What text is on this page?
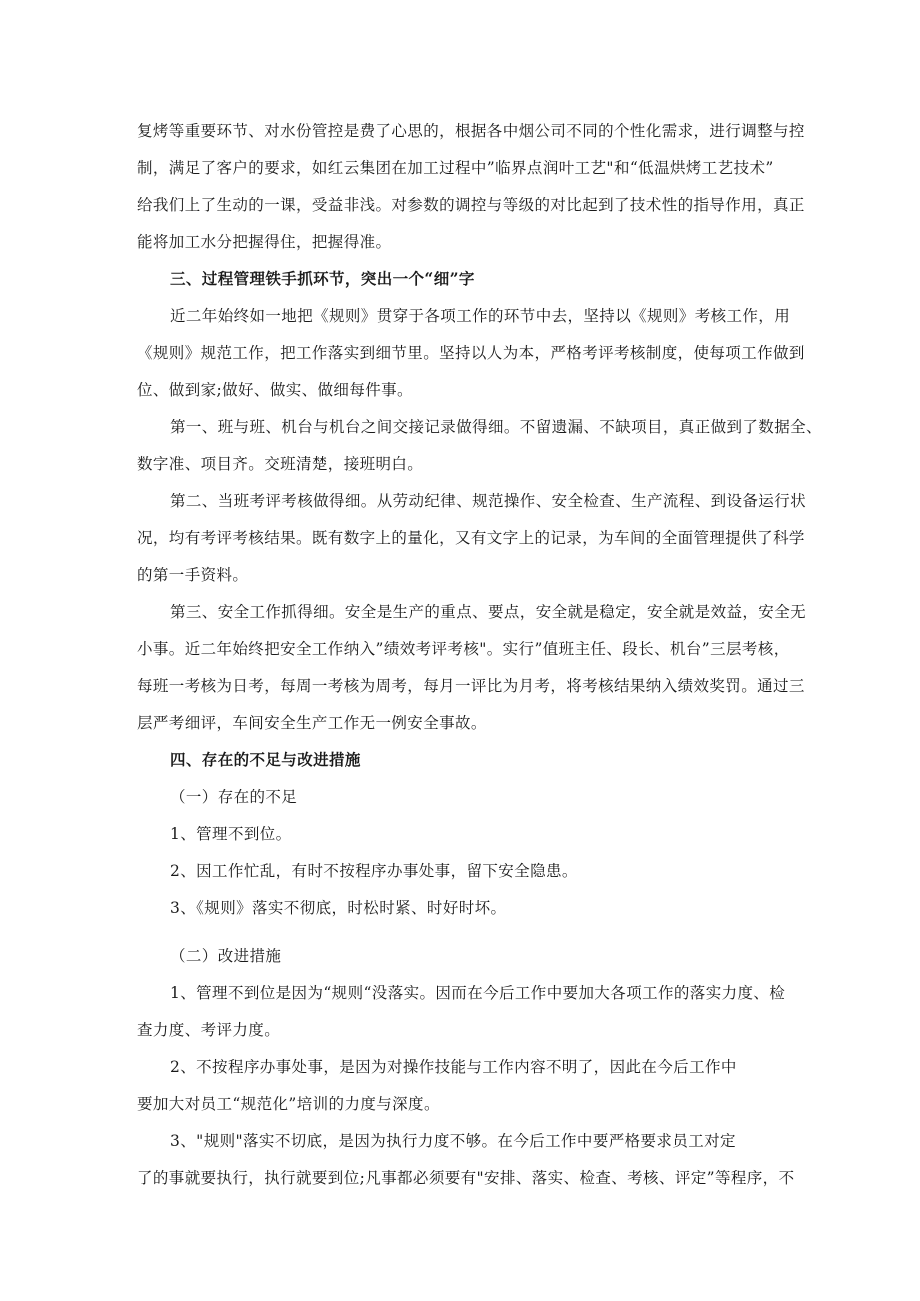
复烤等重要环节、对水份管控是费了心思的，根据各中烟公司不同的个性化需求，进行调整与控

制，满足了客户的要求，如红云集团在加工过程中”临界点润叶工艺"和“低温烘烤工艺技术”

给我们上了生动的一课，受益非浅。对参数的调控与等级的对比起到了技术性的指导作用，真正

能将加工水分把握得住，把握得准。

三、过程管理铁手抓环节，突出一个“细”字

近二年始终如一地把《规则》贯穿于各项工作的环节中去，坚持以《规则》考核工作，用

《规则》规范工作，把工作落实到细节里。坚持以人为本，严格考评考核制度，使每项工作做到

位、做到家;做好、做实、做细每件事。

第一、班与班、机台与机台之间交接记录做得细。不留遗漏、不缺项目，真正做到了数据全、

数字准、项目齐。交班清楚，接班明白。

第二、当班考评考核做得细。从劳动纪律、规范操作、安全检查、生产流程、到设备运行状

况，均有考评考核结果。既有数字上的量化，又有文字上的记录，为车间的全面管理提供了科学

的第一手资料。

第三、安全工作抓得细。安全是生产的重点、要点，安全就是稳定，安全就是效益，安全无

小事。近二年始终把安全工作纳入”绩效考评考核"。实行”值班主任、段长、机台”三层考核，

每班一考核为日考，每周一考核为周考，每月一评比为月考，将考核结果纳入绩效奖罚。通过三

层严考细评，车间安全生产工作无一例安全事故。

四、存在的不足与改进措施

（一）存在的不足

1、管理不到位。

2、因工作忙乱，有时不按程序办事处事，留下安全隐患。

3、《规则》落实不彻底，时松时紧、时好时坏。

（二）改进措施

1、管理不到位是因为“规则“没落实。因而在今后工作中要加大各项工作的落实力度、检

查力度、考评力度。

2、不按程序办事处事，是因为对操作技能与工作内容不明了，因此在今后工作中

要加大对员工“规范化”培训的力度与深度。

3、"规则"落实不切底，是因为执行力度不够。在今后工作中要严格要求员工对定

了的事就要执行，执行就要到位;凡事都必须要有"安排、落实、检查、考核、评定”等程序，不
